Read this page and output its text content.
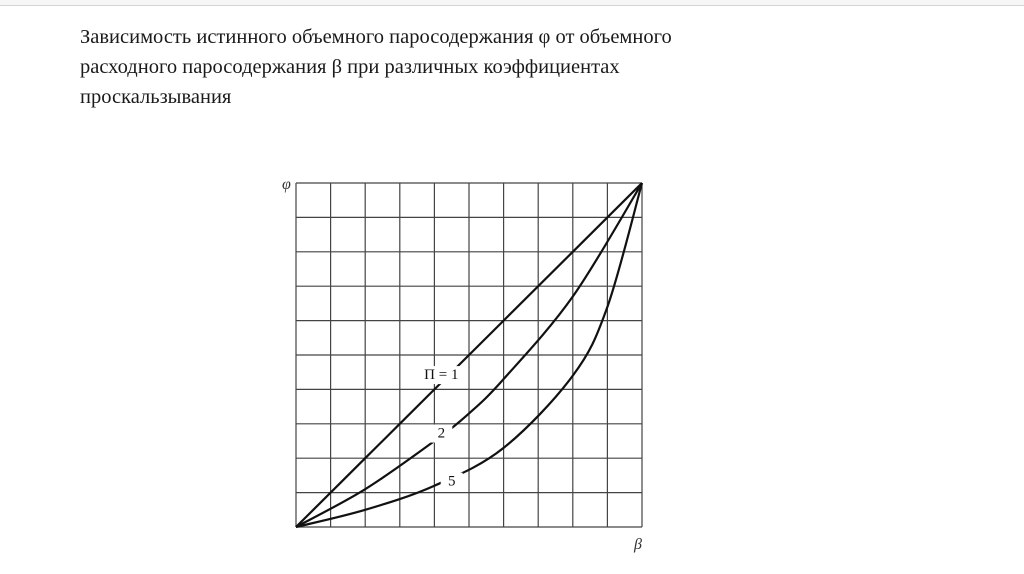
Зависимость истинного объемного паросодержания φ от объемного
расходного паросодержания β при различных коэффициентах
проскальзывания
П = 1
2
5
φ
β
